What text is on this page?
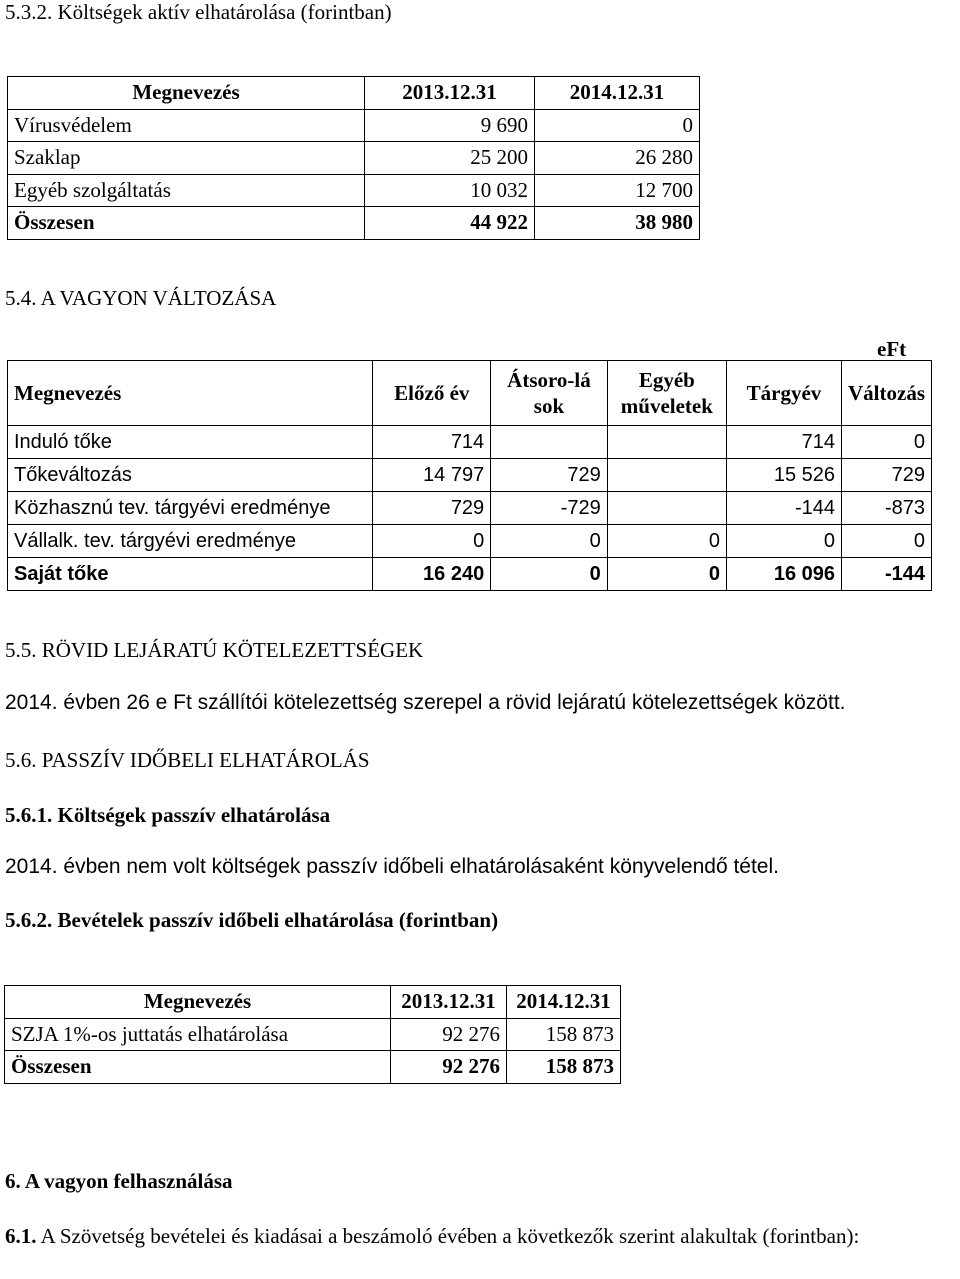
5.3.2. Költségek aktív elhatárolása (forintban)
Megnevezés	2013.12.31	2014.12.31
Vírusvédelem	9 690	0
Szaklap	25 200	26 280
Egyéb szolgáltatás	10 032	12 700
Összesen	44 922	38 980
5.4. A VAGYON VÁLTOZÁSA
eFt
Megnevezés	Előző év	Átsoro-lások	Egyéb műveletek	Tárgyév	Változás
Induló tőke	714			714	0
Tőkeváltozás	14 797	729		15 526	729
Közhasznú tev. tárgyévi eredménye	729	-729		-144	-873
Vállalk. tev. tárgyévi eredménye	0	0	0	0	0
Saját tőke	16 240	0	0	16 096	-144
5.5. RÖVID LEJÁRATÚ KÖTELEZETTSÉGEK
2014. évben 26 e Ft szállítói kötelezettség szerepel a rövid lejáratú kötelezettségek között.
5.6. PASSZÍV IDŐBELI ELHATÁROLÁS
5.6.1. Költségek passzív elhatárolása
2014. évben nem volt költségek passzív időbeli elhatárolásaként könyvelendő tétel.
5.6.2. Bevételek passzív időbeli elhatárolása (forintban)
Megnevezés	2013.12.31	2014.12.31
SZJA 1%-os juttatás elhatárolása	92 276	158 873
Összesen	92 276	158 873
6. A vagyon felhasználása
6.1. A Szövetség bevételei és kiadásai a beszámoló évében a következők szerint alakultak (forintban):
